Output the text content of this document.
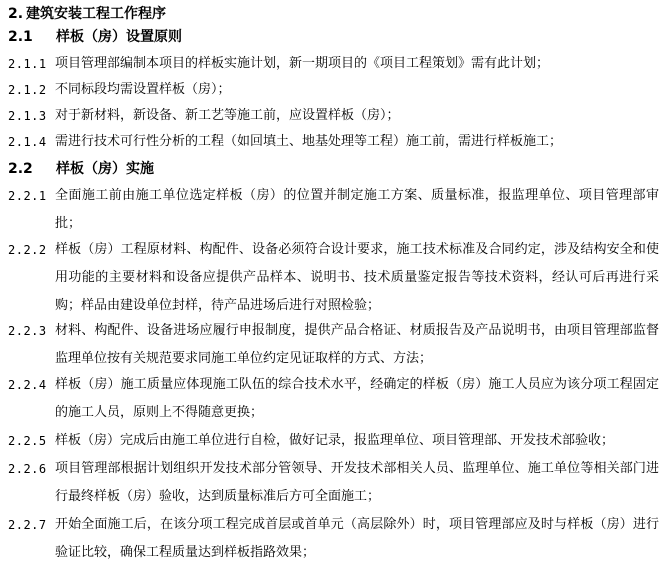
2. 建筑安装工程工作程序
2.1 样板（房）设置原则
2.1.1 项目管理部编制本项目的样板实施计划，新一期项目的《项目工程策划》需有此计划；
2.1.2 不同标段均需设置样板（房）；
2.1.3 对于新材料，新设备、新工艺等施工前，应设置样板（房）；
2.1.4 需进行技术可行性分析的工程（如回填土、地基处理等工程）施工前，需进行样板施工；
2.2 样板（房）实施
2.2.1 全面施工前由施工单位选定样板（房）的位置并制定施工方案、质量标准，报监理单位、项目管理部审批；
2.2.2 样板（房）工程原材料、构配件、设备必须符合设计要求，施工技术标准及合同约定，涉及结构安全和使用功能的主要材料和设备应提供产品样本、说明书、技术质量鉴定报告等技术资料，经认可后再进行采购；样品由建设单位封样，待产品进场后进行对照检验；
2.2.3 材料、构配件、设备进场应履行申报制度，提供产品合格证、材质报告及产品说明书，由项目管理部监督监理单位按有关规范要求同施工单位约定见证取样的方式、方法；
2.2.4 样板（房）施工质量应体现施工队伍的综合技术水平，经确定的样板（房）施工人员应为该分项工程固定的施工人员，原则上不得随意更换；
2.2.5 样板（房）完成后由施工单位进行自检，做好记录，报监理单位、项目管理部、开发技术部验收；
2.2.6 项目管理部根据计划组织开发技术部分管领导、开发技术部相关人员、监理单位、施工单位等相关部门进行最终样板（房）验收，达到质量标准后方可全面施工；
2.2.7 开始全面施工后，在该分项工程完成首层或首单元（高层除外）时，项目管理部应及时与样板（房）进行验证比较，确保工程质量达到样板指路效果；
